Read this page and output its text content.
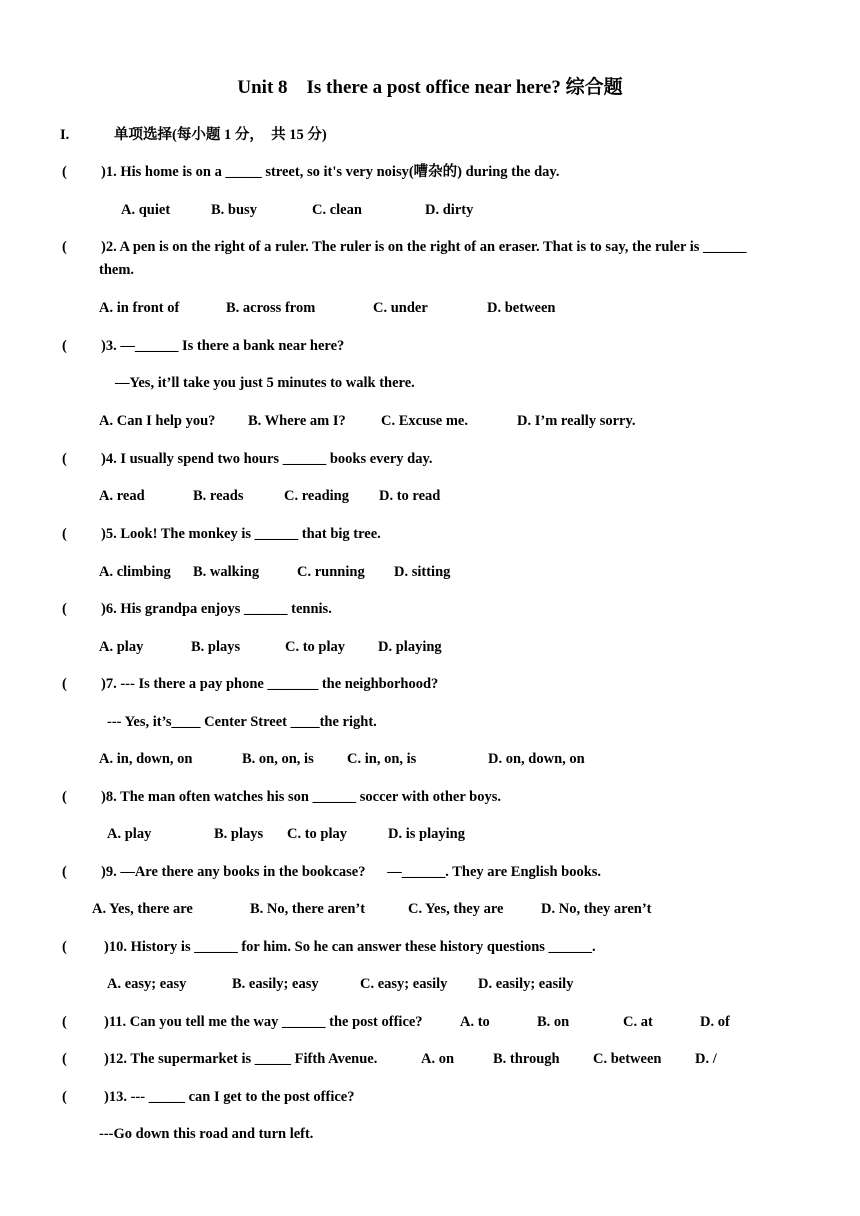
Unit 8    Is there a post office near here? 综合题
I.	单项选择(每小题 1 分，  共 15 分)
( )1. His home is on a _____ street, so it's very noisy(嘈杂的) during the day.
A. quiet	B. busy	C. clean	D. dirty
( )2. A pen is on the right of a ruler. The ruler is on the right of an eraser. That is to say, the ruler is ______
them.
A. in front of	B. across from	C. under	D. between
( )3. —______ Is there a bank near here?
—Yes, it’ll take you just 5 minutes to walk there.
A. Can I help you? B. Where am I? C. Excuse me.	D. I’m really sorry.
( )4. I usually spend two hours ______ books every day.
A. read	B. reads	C. reading D. to read
( )5. Look! The monkey is ______ that big tree.
A. climbing B. walking	C. running D. sitting
( )6. His grandpa enjoys ______ tennis.
A. play	B. plays	C. to play D. playing
( )7. --- Is there a pay phone _______ the neighborhood?
--- Yes, it’s____ Center Street ____the right.
A. in, down, on	B. on, on, is C. in, on, is	D. on, down, on
( )8. The man often watches his son ______ soccer with other boys.
A. play	B. plays C. to play	D. is playing
( )9. —Are there any books in the bookcase?      —______. They are English books.
A. Yes, there are	B. No, there aren’t	C. Yes, they are	D. No, they aren’t
(	)10. History is ______ for him. So he can answer these history questions ______.
A. easy; easy	B. easily; easy	C. easy; easily D. easily; easily
(	)11. Can you tell me the way ______ the post office?	A. to	B. on	C. at	D. of
(	)12. The supermarket is _____ Fifth Avenue.	A. on	B. through C. between D. /
(	)13. --- _____ can I get to the post office?
---Go down this road and turn left.
